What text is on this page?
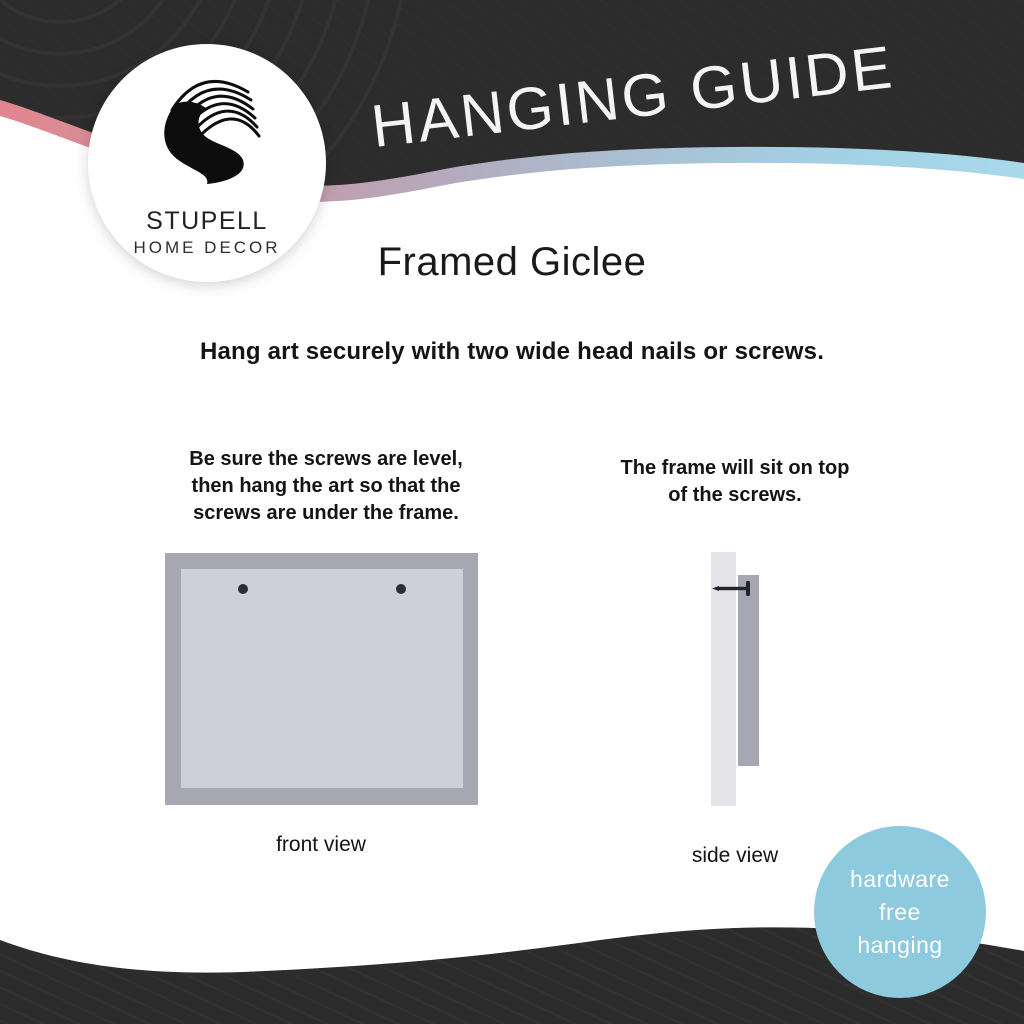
HANGING GUIDE
STUPELL
HOME DECOR	Framed Giclee
Hang art securely with two wide head nails or screws.
Be sure the screws are level,
then hang the art so that the
screws are under the frame.
The frame will sit on top
of the screws.
front view	side view
hardware
free
hanging
